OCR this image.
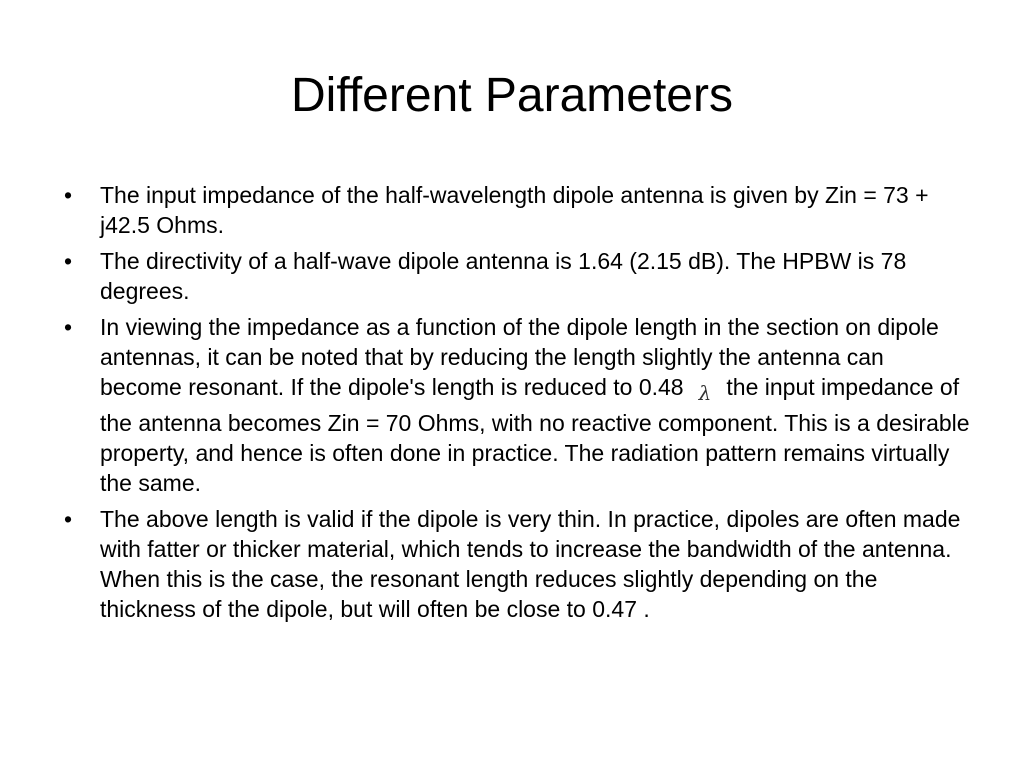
Different Parameters
• The input impedance of the half-wavelength dipole antenna is given by Zin = 73 + j42.5 Ohms.
• The directivity of a half-wave dipole antenna is 1.64 (2.15 dB). The HPBW is 78 degrees.
• In viewing the impedance as a function of the dipole length in the section on dipole antennas, it can be noted that by reducing the length slightly the antenna can become resonant. If the dipole's length is reduced to 0.48 λ the input impedance of the antenna becomes Zin = 70 Ohms, with no reactive component. This is a desirable property, and hence is often done in practice. The radiation pattern remains virtually the same.
• The above length is valid if the dipole is very thin. In practice, dipoles are often made with fatter or thicker material, which tends to increase the bandwidth of the antenna. When this is the case, the resonant length reduces slightly depending on the thickness of the dipole, but will often be close to 0.47 .
